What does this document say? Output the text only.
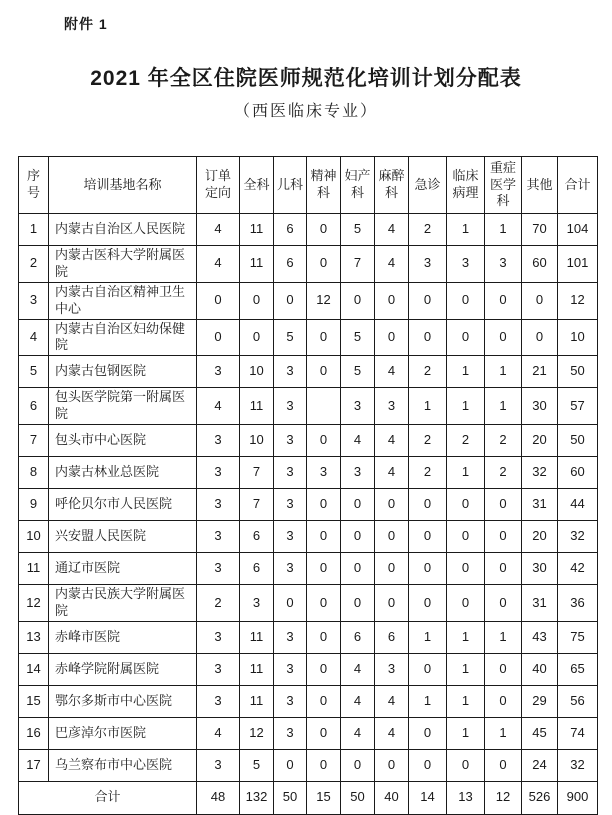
附件 1
2021 年全区住院医师规范化培训计划分配表
（西医临床专业）
序号	培训基地名称	订单定向	全科	儿科	精神科	妇产科	麻醉科	急诊	临床病理	重症医学科	其他	合计
1	内蒙古自治区人民医院	4	11	6	0	5	4	2	1	1	70	104
2	内蒙古医科大学附属医院	4	11	6	0	7	4	3	3	3	60	101
3	内蒙古自治区精神卫生中心	0	0	0	12	0	0	0	0	0	0	12
4	内蒙古自治区妇幼保健院	0	0	5	0	5	0	0	0	0	0	10
5	内蒙古包钢医院	3	10	3	0	5	4	2	1	1	21	50
6	包头医学院第一附属医院	4	11	3		3	3	1	1	1	30	57
7	包头市中心医院	3	10	3	0	4	4	2	2	2	20	50
8	内蒙古林业总医院	3	7	3	3	3	4	2	1	2	32	60
9	呼伦贝尔市人民医院	3	7	3	0	0	0	0	0	0	31	44
10	兴安盟人民医院	3	6	3	0	0	0	0	0	0	20	32
11	通辽市医院	3	6	3	0	0	0	0	0	0	30	42
12	内蒙古民族大学附属医院	2	3	0	0	0	0	0	0	0	31	36
13	赤峰市医院	3	11	3	0	6	6	1	1	1	43	75
14	赤峰学院附属医院	3	11	3	0	4	3	0	1	0	40	65
15	鄂尔多斯市中心医院	3	11	3	0	4	4	1	1	0	29	56
16	巴彦淖尔市医院	4	12	3	0	4	4	0	1	1	45	74
17	乌兰察布市中心医院	3	5	0	0	0	0	0	0	0	24	32
合计		48	132	50	15	50	40	14	13	12	526	900
